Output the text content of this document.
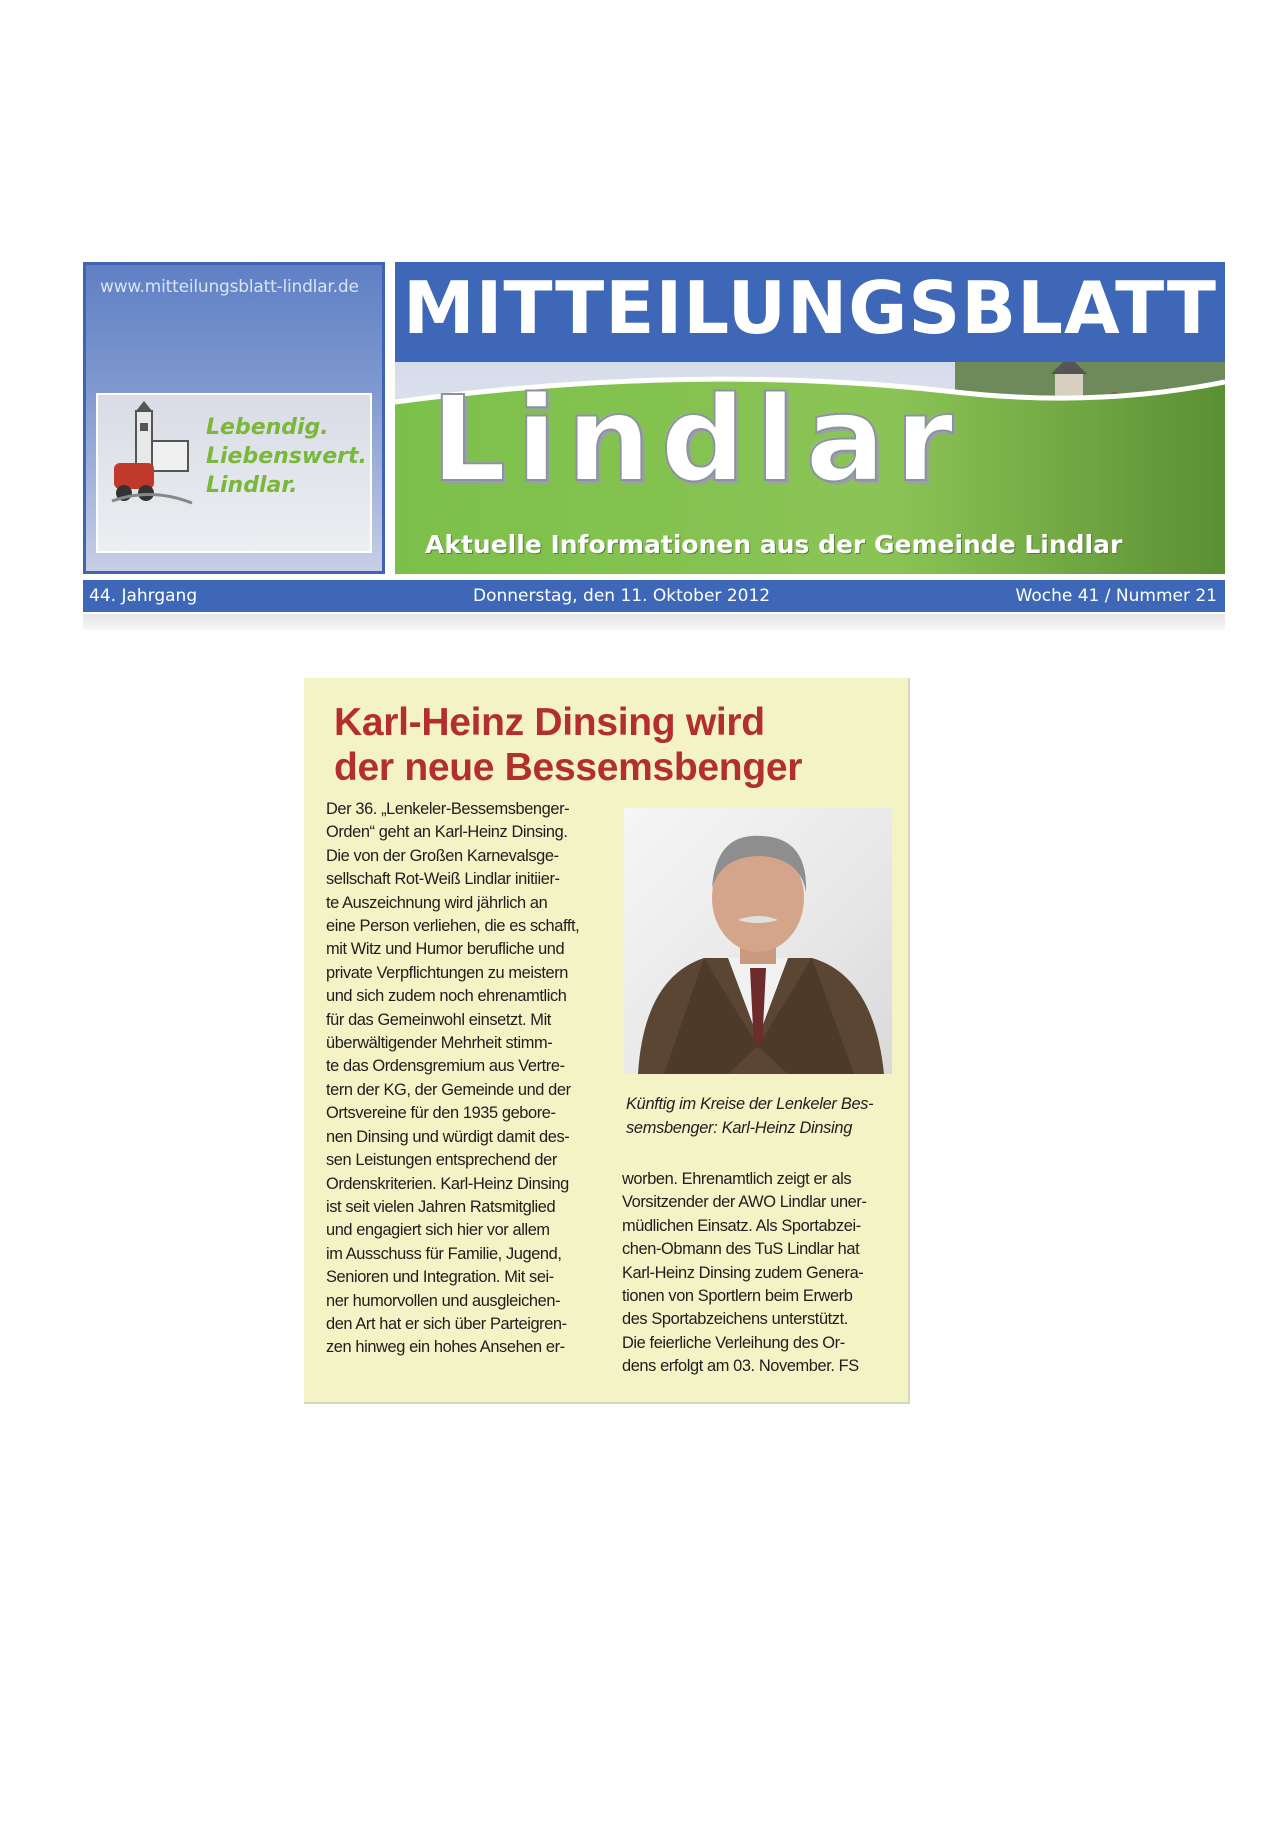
www.mitteilungsblatt-lindlar.de
Lebendig.
Liebenswert.
Lindlar.
MITTEILUNGSBLATT
Lindlar
Aktuelle Informationen aus der Gemeinde Lindlar
44. Jahrgang	Donnerstag, den 11. Oktober 2012	Woche 41 / Nummer 21
Karl-Heinz Dinsing wird
der neue Bessemsbenger
Der 36. „Lenkeler-Bessemsbenger-
Orden“ geht an Karl-Heinz Dinsing.
Die von der Großen Karnevalsge-
sellschaft Rot-Weiß Lindlar initiier-
te Auszeichnung wird jährlich an
eine Person verliehen, die es schafft,
mit Witz und Humor berufliche und
private Verpflichtungen zu meistern
und sich zudem noch ehrenamtlich
für das Gemeinwohl einsetzt. Mit
überwältigender Mehrheit stimm-
te das Ordensgremium aus Vertre-
tern der KG, der Gemeinde und der
Ortsvereine für den 1935 gebore-
nen Dinsing und würdigt damit des-
sen Leistungen entsprechend der
Ordenskriterien. Karl-Heinz Dinsing
ist seit vielen Jahren Ratsmitglied
und engagiert sich hier vor allem
im Ausschuss für Familie, Jugend,
Senioren und Integration. Mit sei-
ner humorvollen und ausgleichen-
den Art hat er sich über Parteigren-
zen hinweg ein hohes Ansehen er-
Künftig im Kreise der Lenkeler Bes-
semsbenger: Karl-Heinz Dinsing
worben. Ehrenamtlich zeigt er als
Vorsitzender der AWO Lindlar uner-
müdlichen Einsatz. Als Sportabzei-
chen-Obmann des TuS Lindlar hat
Karl-Heinz Dinsing zudem Genera-
tionen von Sportlern beim Erwerb
des Sportabzeichens unterstützt.
Die feierliche Verleihung des Or-
dens erfolgt am 03. November. FS
